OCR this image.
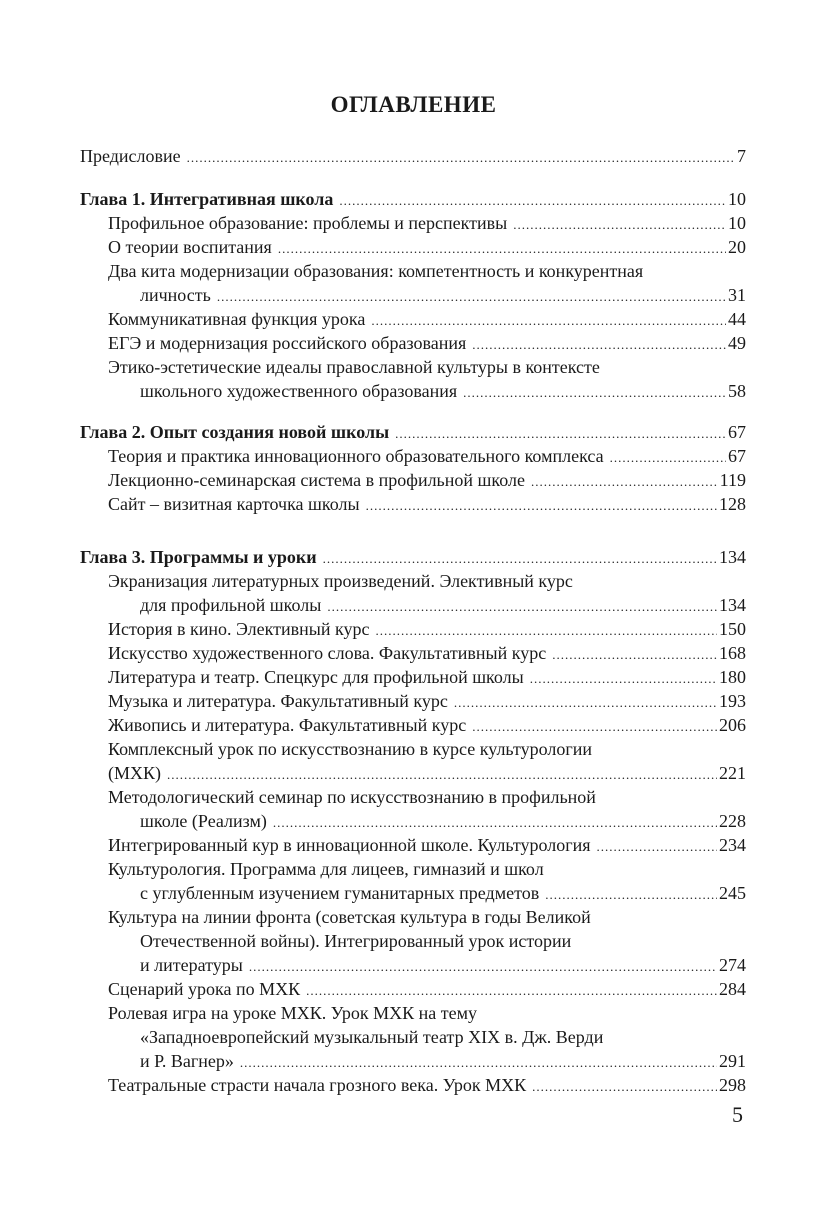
ОГЛАВЛЕНИЕ
Предисловие .....	7
Глава 1. Интегративная школа .....	10
Профильное образование: проблемы и перспективы .....	10
О теории воспитания .....	20
Два кита модернизации образования: компетентность и конкурентная
личность .....	31
Коммуникативная функция урока .....	44
ЕГЭ и модернизация российского образования .....	49
Этико-эстетические идеалы православной культуры в контексте
школьного художественного образования .....	58
Глава 2. Опыт создания новой школы .....	67
Теория и практика инновационного образовательного комплекса .....	67
Лекционно-семинарская система в профильной школе .....	119
Сайт – визитная карточка школы .....	128
Глава 3. Программы и уроки .....	134
Экранизация литературных произведений. Элективный курс
для профильной школы .....	134
История в кино. Элективный курс .....	150
Искусство художественного слова. Факультативный курс .....	168
Литература и театр. Спецкурс для профильной школы .....	180
Музыка и литература. Факультативный курс .....	193
Живопись и литература. Факультативный курс .....	206
Комплексный урок по искусствознанию в курсе культурологии
(МХК) .....	221
Методологический семинар по искусствознанию в профильной
школе (Реализм) .....	228
Интегрированный кур в инновационной школе. Культурология .....	234
Культурология. Программа для лицеев, гимназий и школ
с углубленным изучением гуманитарных предметов .....	245
Культура на линии фронта (советская культура в годы Великой
Отечественной войны). Интегрированный урок истории
и литературы .....	274
Сценарий урока по МХК .....	284
Ролевая игра на уроке МХК. Урок МХК на тему
«Западноевропейский музыкальный театр XIX в. Дж. Верди
и Р. Вагнер» .....	291
Театральные страсти начала грозного века. Урок МХК .....	298
5
